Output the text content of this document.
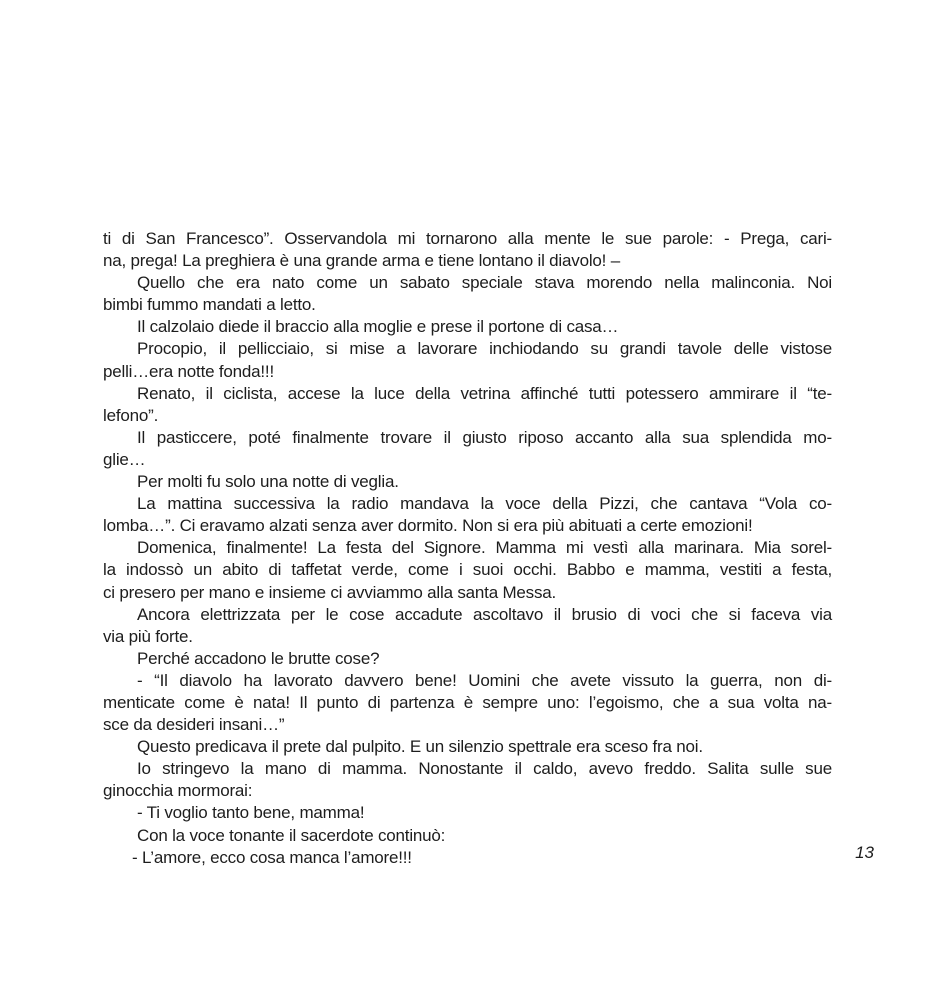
ti di San Francesco”. Osservandola mi tornarono alla mente le sue parole: - Prega, cari-

na, prega! La preghiera è una grande arma e tiene lontano il diavolo! –

Quello che era nato come un sabato speciale stava morendo nella malinconia. Noi

bimbi fummo mandati a letto.

Il calzolaio diede il braccio alla moglie e prese il portone di casa…

Procopio, il pellicciaio, si mise a lavorare inchiodando su grandi tavole delle vistose

pelli…era notte fonda!!!

Renato, il ciclista, accese la luce della vetrina affinché tutti potessero ammirare il “te-

lefono”.

Il pasticcere, poté finalmente trovare il giusto riposo accanto alla sua splendida mo-

glie…

Per molti fu solo una notte di veglia.

La mattina successiva la radio mandava la voce della Pizzi, che cantava “Vola co-

lomba…”. Ci eravamo alzati senza aver dormito. Non si era più abituati a certe emozioni!

Domenica, finalmente! La festa del Signore. Mamma mi vestì alla marinara. Mia sorel-

la indossò un abito di taffetat verde, come i suoi occhi. Babbo e mamma, vestiti a festa,

ci presero per mano e insieme ci avviammo alla santa Messa.

Ancora elettrizzata per le cose accadute ascoltavo il brusio di voci che si faceva via

via più forte.

Perché accadono le brutte cose?

- “Il diavolo ha lavorato davvero bene! Uomini che avete vissuto la guerra, non di-

menticate come è nata! Il punto di partenza è sempre uno: l’egoismo, che a sua volta na-

sce da desideri insani…”

Questo predicava il prete dal pulpito. E un silenzio spettrale era sceso fra noi.

Io stringevo la mano di mamma. Nonostante il caldo, avevo freddo. Salita sulle sue

ginocchia mormorai:

- Ti voglio tanto bene, mamma!

Con la voce tonante il sacerdote continuò:

- L’amore, ecco cosa manca l’amore!!!	13
